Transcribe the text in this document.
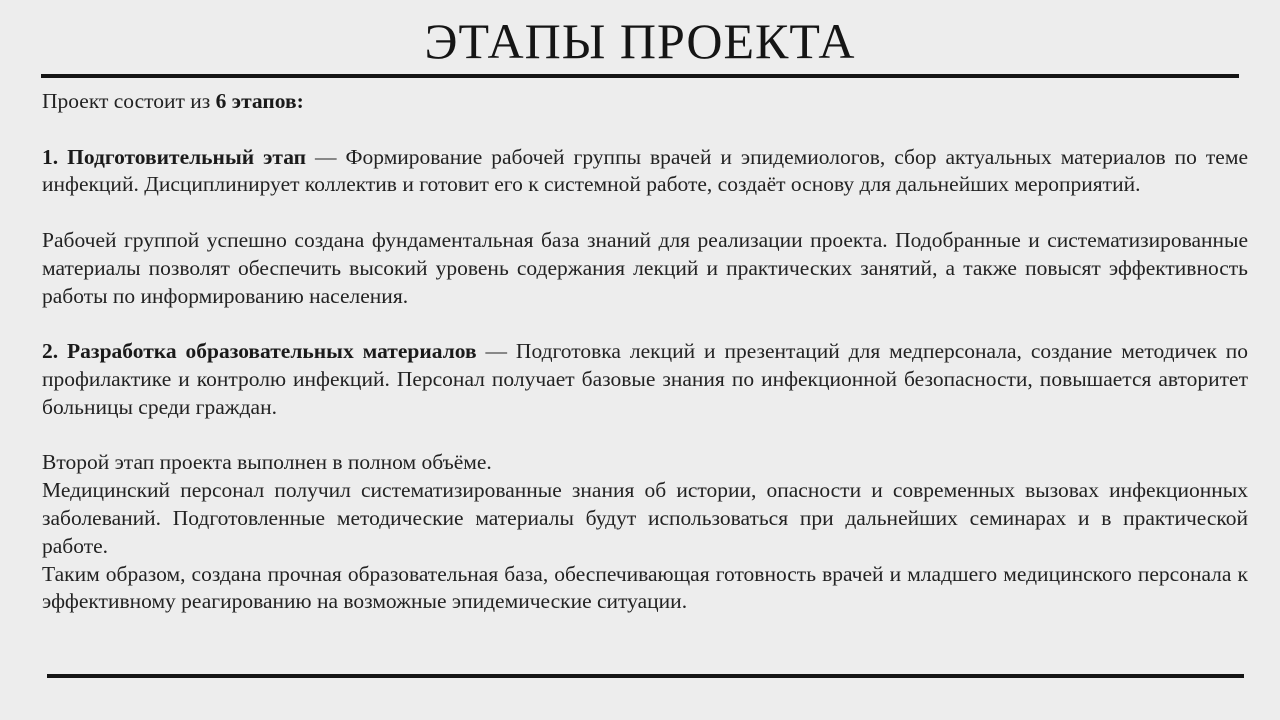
ЭТАПЫ ПРОЕКТА

Проект состоит из 6 этапов:

1. Подготовительный этап — Формирование рабочей группы врачей и эпидемиологов, сбор актуальных материалов по теме инфекций. Дисциплинирует коллектив и готовит его к системной работе, создаёт основу для дальнейших мероприятий.

Рабочей группой успешно создана фундаментальная база знаний для реализации проекта. Подобранные и систематизированные материалы позволят обеспечить высокий уровень содержания лекций и практических занятий, а также повысят эффективность работы по информированию населения.

2. Разработка образовательных материалов — Подготовка лекций и презентаций для медперсонала, создание методичек по профилактике и контролю инфекций. Персонал получает базовые знания по инфекционной безопасности, повышается авторитет больницы среди граждан.

Второй этап проекта выполнен в полном объёме.

Медицинский персонал получил систематизированные знания об истории, опасности и современных вызовах инфекционных заболеваний. Подготовленные методические материалы будут использоваться при дальнейших семинарах и в практической работе.

Таким образом, создана прочная образовательная база, обеспечивающая готовность врачей и младшего медицинского персонала к эффективному реагированию на возможные эпидемические ситуации.
